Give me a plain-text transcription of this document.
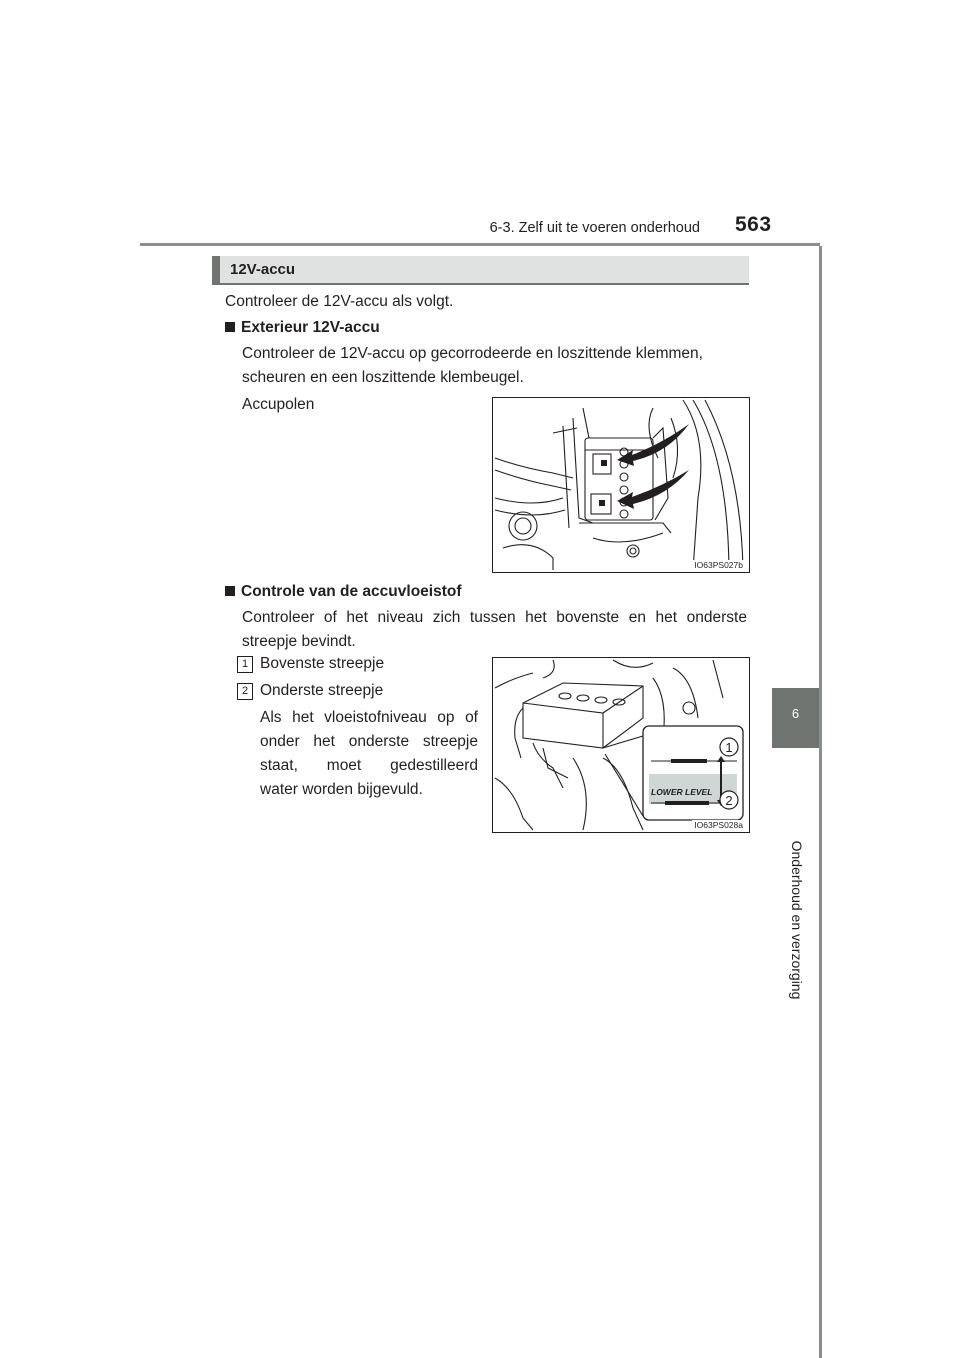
6-3. Zelf uit te voeren onderhoud 563
6
Onderhoud en verzorging
12V-accu
Controleer de 12V-accu als volgt.
Exterieur 12V-accu
Controleer de 12V-accu op gecorrodeerde en loszittende klemmen,
scheuren en een loszittende klembeugel.
Accupolen
IO63PS027b
Controle van de accuvloeistof
Controleer of het niveau zich tussen het bovenste en het onderste
streepje bevindt.
1 Bovenste streepje
2 Onderste streepje
Als het vloeistofniveau op of
onder het onderste streepje
staat, moet gedestilleerd
water worden bijgevuld.
1
2
LOWER LEVEL
IO63PS028a
